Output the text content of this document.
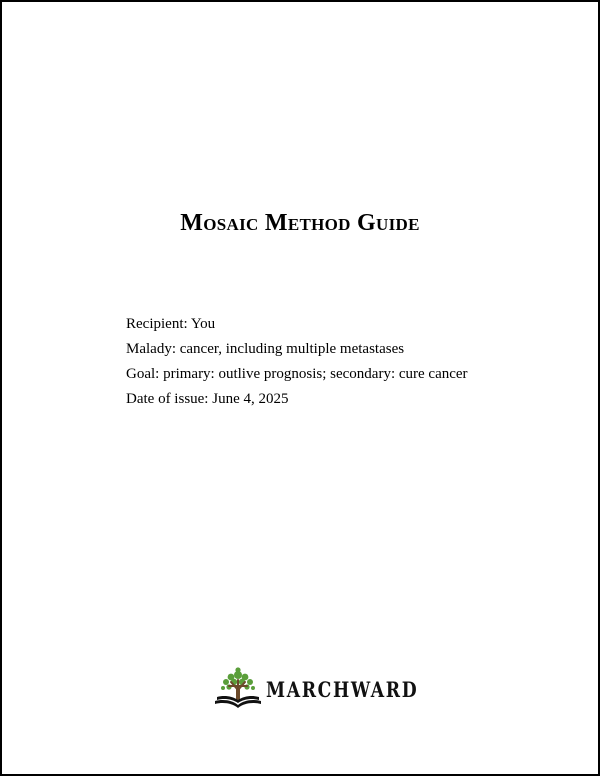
Mosaic Method Guide
Recipient: You
Malady: cancer, including multiple metastases
Goal: primary: outlive prognosis; secondary: cure cancer
Date of issue: June 4, 2025
MARCHWARD
